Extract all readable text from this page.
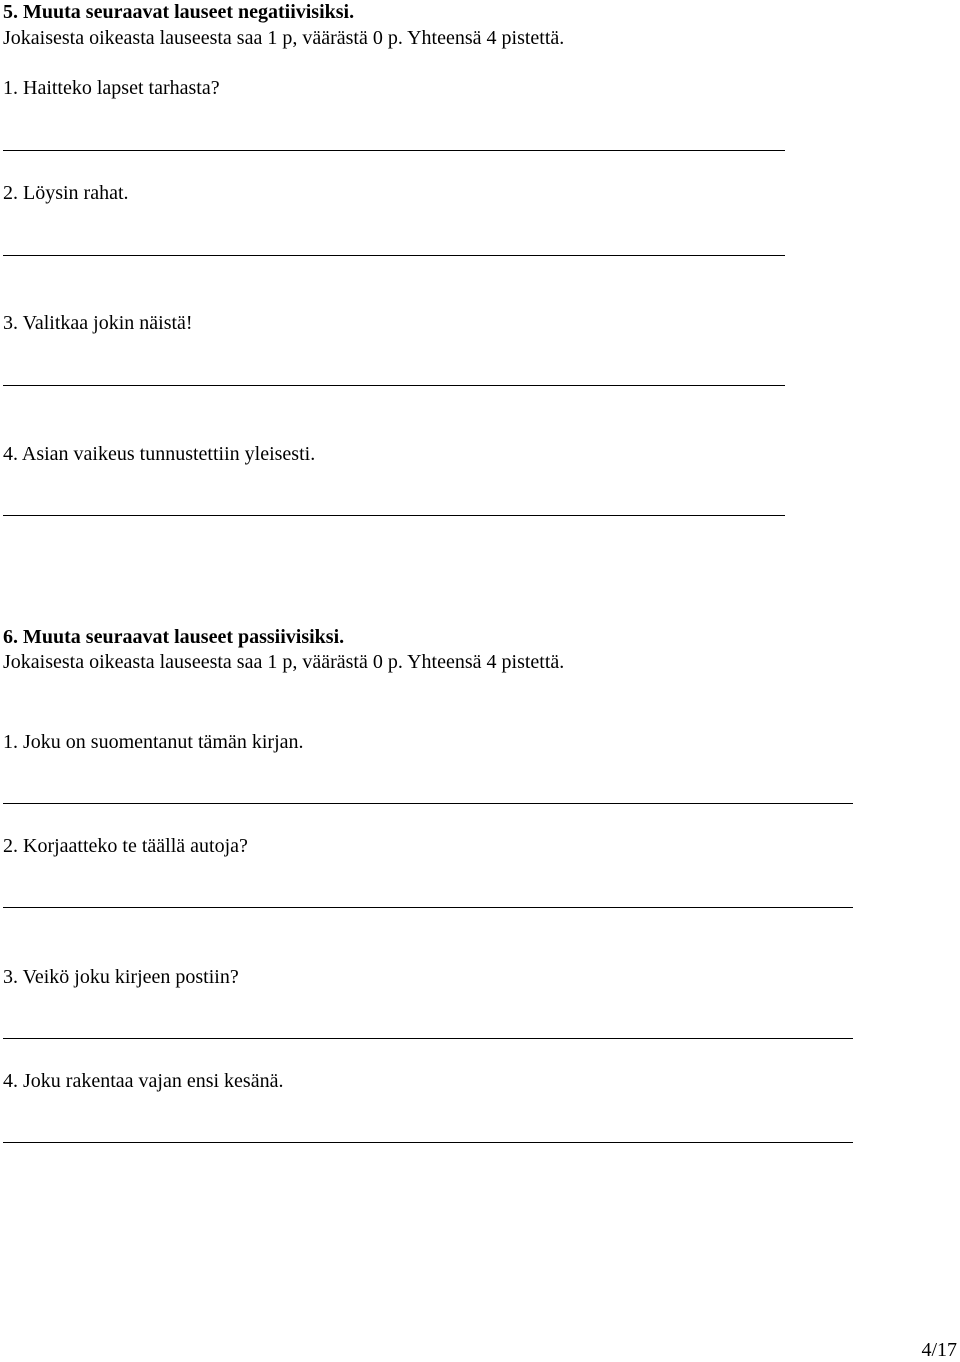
5. Muuta seuraavat lauseet negatiivisiksi.
Jokaisesta oikeasta lauseesta saa 1 p, väärästä 0 p. Yhteensä 4 pistettä.
1. Haitteko lapset tarhasta?
2. Löysin rahat.
3. Valitkaa jokin näistä!
4. Asian vaikeus tunnustettiin yleisesti.
6. Muuta seuraavat lauseet passiivisiksi.
Jokaisesta oikeasta lauseesta saa 1 p, väärästä 0 p. Yhteensä 4 pistettä.
1. Joku on suomentanut tämän kirjan.
2. Korjaatteko te täällä autoja?
3. Veikö joku kirjeen postiin?
4. Joku rakentaa vajan ensi kesänä.
4/17
